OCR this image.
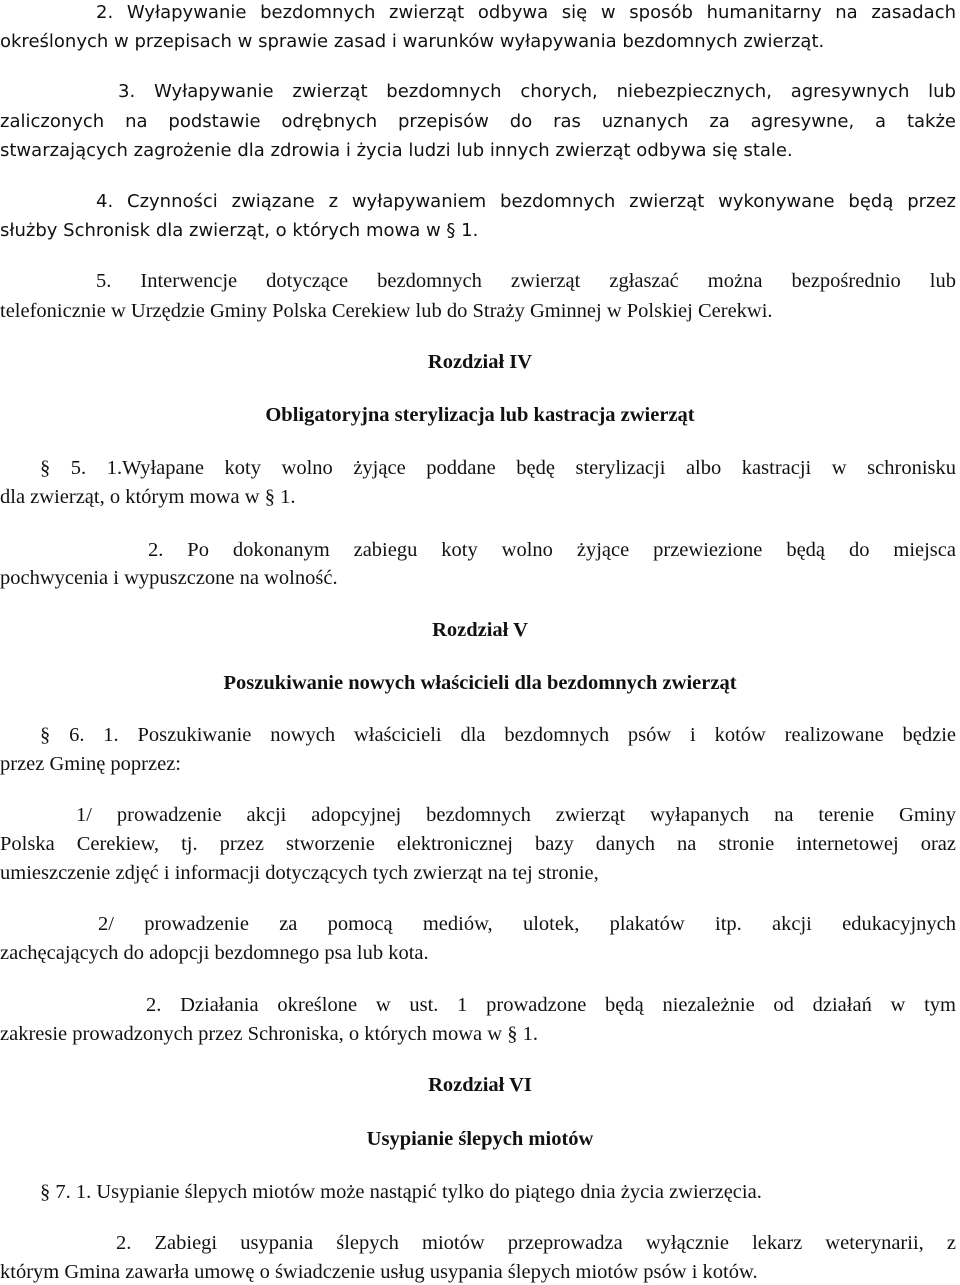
2. Wyłapywanie bezdomnych zwierząt odbywa się w sposób humanitarny na zasadach
określonych w przepisach w sprawie zasad i warunków wyłapywania bezdomnych zwierząt.
3. Wyłapywanie zwierząt bezdomnych chorych, niebezpiecznych, agresywnych lub
zaliczonych na podstawie odrębnych przepisów do ras uznanych za agresywne, a także
stwarzających zagrożenie dla zdrowia i życia ludzi lub innych zwierząt odbywa się stale.
4. Czynności związane z wyłapywaniem bezdomnych zwierząt wykonywane będą przez
służby Schronisk dla zwierząt, o których mowa w § 1.
5. Interwencje dotyczące bezdomnych zwierząt zgłaszać można bezpośrednio lub
telefonicznie w Urzędzie Gminy Polska Cerekiew lub do Straży Gminnej w Polskiej Cerekwi.
Rozdział IV
Obligatoryjna sterylizacja lub kastracja zwierząt
§ 5. 1.Wyłapane koty wolno żyjące poddane będę sterylizacji albo kastracji w schronisku
dla zwierząt, o którym mowa w § 1.
2. Po dokonanym zabiegu koty wolno żyjące przewiezione będą do miejsca
pochwycenia i wypuszczone na wolność.
Rozdział V
Poszukiwanie nowych właścicieli dla bezdomnych zwierząt
§ 6. 1. Poszukiwanie nowych właścicieli dla bezdomnych psów i kotów realizowane będzie
przez Gminę poprzez:
1/ prowadzenie akcji adopcyjnej bezdomnych zwierząt wyłapanych na terenie Gminy
Polska Cerekiew, tj. przez stworzenie elektronicznej bazy danych na stronie internetowej oraz
umieszczenie zdjęć i informacji dotyczących tych zwierząt na tej stronie,
2/ prowadzenie za pomocą mediów, ulotek, plakatów itp. akcji edukacyjnych
zachęcających do adopcji bezdomnego psa lub kota.
2. Działania określone w ust. 1 prowadzone będą niezależnie od działań w tym
zakresie prowadzonych przez Schroniska, o których mowa w § 1.
Rozdział VI
Usypianie ślepych miotów
§ 7. 1. Usypianie ślepych miotów może nastąpić tylko do piątego dnia życia zwierzęcia.
2. Zabiegi usypania ślepych miotów przeprowadza wyłącznie lekarz weterynarii, z
którym Gmina zawarła umowę o świadczenie usług usypania ślepych miotów psów i kotów.
